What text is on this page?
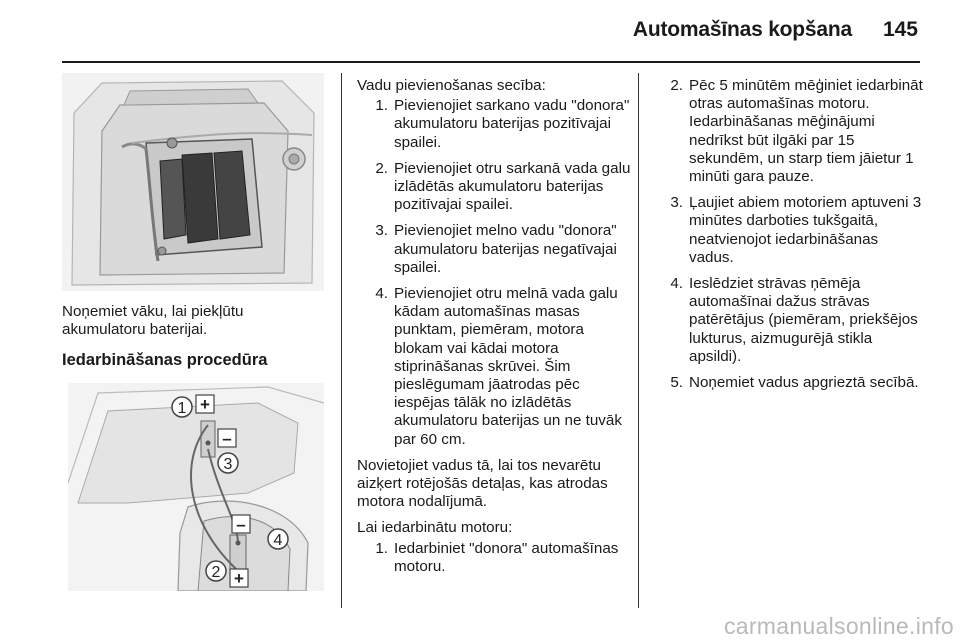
Automašīnas kopšana 145

Noņemiet vāku, lai piekļūtu akumulatoru baterijai.

Iedarbināšanas procedūra

1 +
–
3
–
4
2 +

Vadu pievienošanas secība:

1. Pievienojiet sarkano vadu "donora" akumulatoru baterijas pozitīvajai spailei.
2. Pievienojiet otru sarkanā vada galu izlādētās akumulatoru baterijas pozitīvajai spailei.
3. Pievienojiet melno vadu "donora" akumulatoru baterijas negatīvajai spailei.
4. Pievienojiet otru melnā vada galu kādam automašīnas masas punktam, piemēram, motora blokam vai kādai motora stiprināšanas skrūvei. Šim pieslēgumam jāatrodas pēc iespējas tālāk no izlādētās akumulatoru baterijas un ne tuvāk par 60 cm.

Novietojiet vadus tā, lai tos nevarētu aizķert rotējošās detaļas, kas atrodas motora nodalījumā.

Lai iedarbinātu motoru:

1. Iedarbiniet "donora" automašīnas motoru.
2. Pēc 5 minūtēm mēģiniet iedarbināt otras automašīnas motoru. Iedarbināšanas mēģinājumi nedrīkst būt ilgāki par 15 sekundēm, un starp tiem jāietur 1 minūti gara pauze.
3. Ļaujiet abiem motoriem aptuveni 3 minūtes darboties tukšgaitā, neatvienojot iedarbināšanas vadus.
4. Ieslēdziet strāvas ņēmēja automašīnai dažus strāvas patērētājus (piemēram, priekšējos lukturus, aizmugurējā stikla apsildi).
5. Noņemiet vadus apgrieztā secībā.
carmanualsonline.info
